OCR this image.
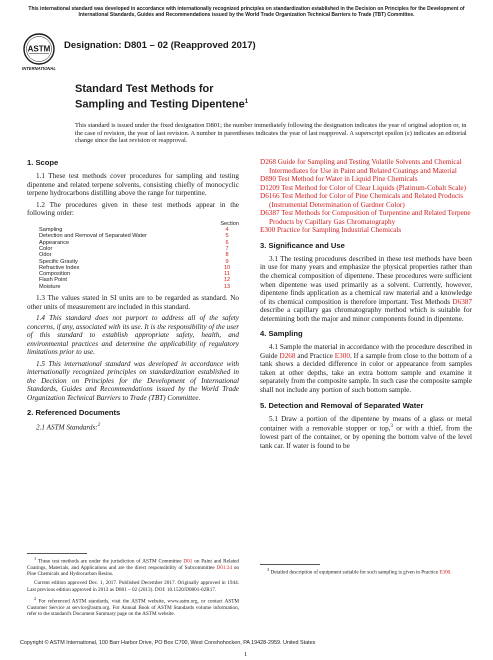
This international standard was developed in accordance with internationally recognized principles on standardization established in the Decision on Principles for the Development of International Standards, Guides and Recommendations issued by the World Trade Organization Technical Barriers to Trade (TBT) Committee.
ASTM
INTERNATIONAL
Designation: D801 – 02 (Reapproved 2017)
Standard Test Methods for
Sampling and Testing Dipentene$^1$
This standard is issued under the fixed designation D801; the number immediately following the designation indicates the year of original adoption or, in the case of revision, the year of last revision. A number in parentheses indicates the year of last reapproval. A superscript epsilon (ε) indicates an editorial change since the last revision or reapproval.
1. Scope

1.1 These test methods cover procedures for sampling and testing dipentene and related terpene solvents, consisting chiefly of monocyclic terpene hydrocarbons distilling above the range for turpentine.

1.2 The procedures given in these test methods appear in the following order:

Section
Sampling	4
Detection and Removal of Separated Water	5
Appearance	6
Color	7
Odor	8
Specific Gravity	9
Refractive Index	10
Composition	11
Flash Point	12
Moisture	13

1.3 The values stated in SI units are to be regarded as standard. No other units of measurement are included in this standard.

1.4 This standard does not purport to address all of the safety concerns, if any, associated with its use. It is the responsibility of the user of this standard to establish appropriate safety, health, and environmental practices and determine the applicability of regulatory limitations prior to use.

1.5 This international standard was developed in accordance with internationally recognized principles on standardization established in the Decision on Principles for the Development of International Standards, Guides and Recommendations issued by the World Trade Organization Technical Barriers to Trade (TBT) Committee.

2. Referenced Documents

2.1 ASTM Standards:$^2$

$^1$ These test methods are under the jurisdiction of ASTM Committee D01 on Paint and Related Coatings, Materials, and Applications and are the direct responsibility of Subcommittee D01.34 on Pine Chemicals and Hydrocarbon Resins.
Current edition approved Dec. 1, 2017. Published December 2017. Originally approved in 1944. Last previous edition approved in 2013 as D801 – 02 (2013). DOI: 10.1520/D0801-02R17.
$^2$ For referenced ASTM standards, visit the ASTM website, www.astm.org, or contact ASTM Customer Service at service@astm.org. For Annual Book of ASTM Standards volume information, refer to the standard's Document Summary page on the ASTM website.

D268 Guide for Sampling and Testing Volatile Solvents and Chemical Intermediates for Use in Paint and Related Coatings and Material

D890 Test Method for Water in Liquid Pine Chemicals

D1209 Test Method for Color of Clear Liquids (Platinum-Cobalt Scale)

D6166 Test Method for Color of Pine Chemicals and Related Products (Instrumental Determination of Gardner Color)

D6387 Test Methods for Composition of Turpentine and Related Terpene Products by Capillary Gas Chromatography

E300 Practice for Sampling Industrial Chemicals

3. Significance and Use

3.1 The testing procedures described in these test methods have been in use for many years and emphasize the physical properties rather than the chemical composition of dipentene. These procedures were sufficient when dipentene was used primarily as a solvent. Currently, however, dipentene finds application as a chemical raw material and a knowledge of its chemical composition is therefore important. Test Methods D6387 describe a capillary gas chromatography method which is suitable for determining both the major and minor components found in dipentene.

4. Sampling

4.1 Sample the material in accordance with the procedure described in Guide D268 and Practice E300. If a sample from close to the bottom of a tank shows a decided difference in color or appearance from samples taken at other depths, take an extra bottom sample and examine it separately from the composite sample. In such case the composite sample shall not include any portion of such bottom sample.

5. Detection and Removal of Separated Water

5.1 Draw a portion of the dipentene by means of a glass or metal container with a removable stopper or top,$^3$ or with a thief, from the lowest part of the container, or by opening the bottom valve of the level tank car. If water is found to be

$^3$ Detailed description of equipment suitable for such sampling is given in Practice E300.
Copyright © ASTM International, 100 Barr Harbor Drive, PO Box C700, West Conshohocken, PA 19428-2959. United States
1
